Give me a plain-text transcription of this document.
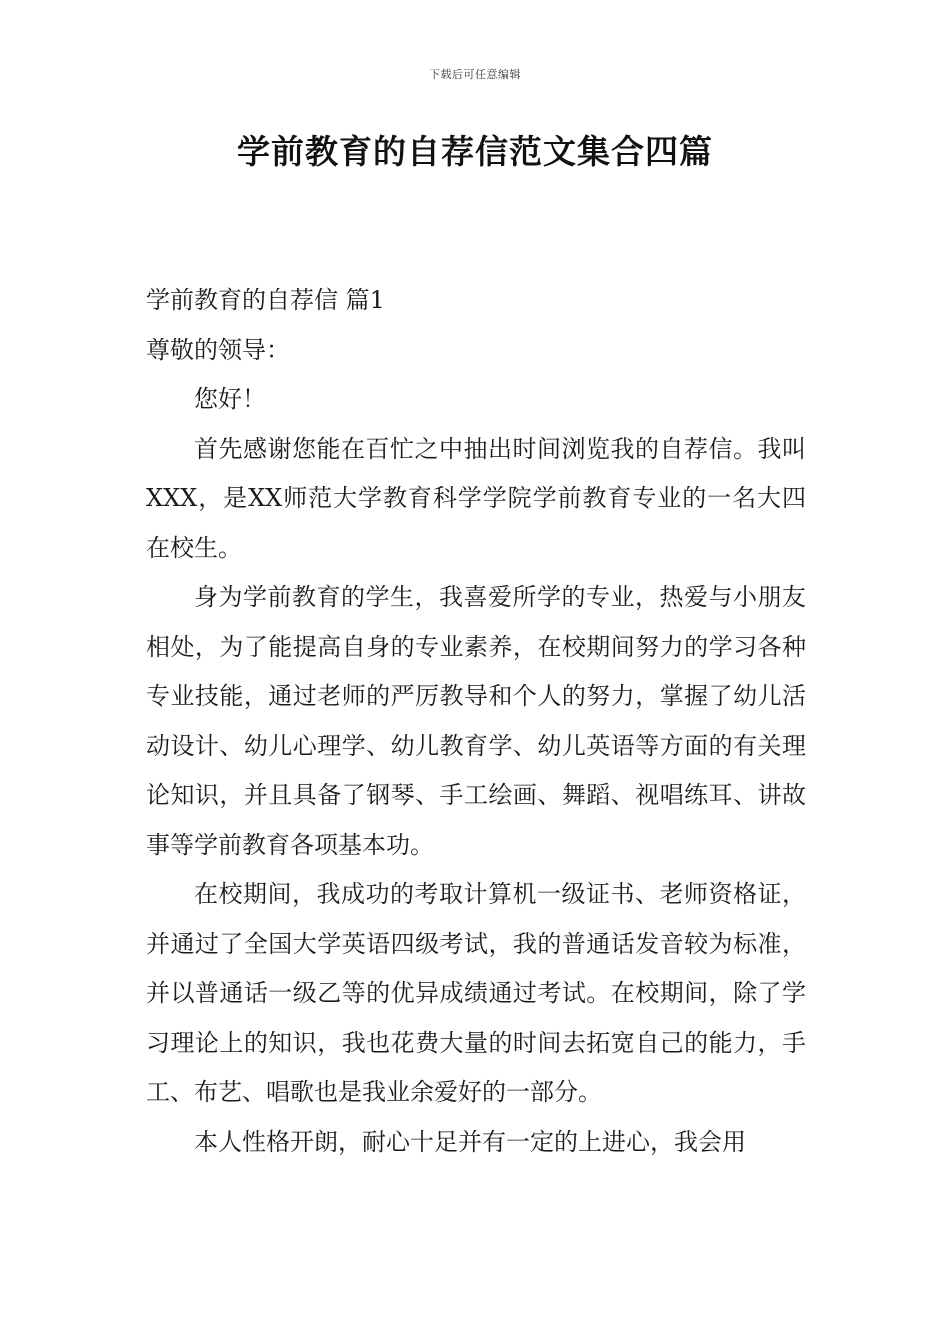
下载后可任意编辑
学前教育的自荐信范文集合四篇
学前教育的自荐信 篇1

尊敬的领导：

您好！

首先感谢您能在百忙之中抽出时间浏览我的自荐信。我叫XXX，是XX师范大学教育科学学院学前教育专业的一名大四在校生。

身为学前教育的学生，我喜爱所学的专业，热爱与小朋友相处，为了能提高自身的专业素养，在校期间努力的学习各种专业技能，通过老师的严厉教导和个人的努力，掌握了幼儿活动设计、幼儿心理学、幼儿教育学、幼儿英语等方面的有关理论知识，并且具备了钢琴、手工绘画、舞蹈、视唱练耳、讲故事等学前教育各项基本功。

在校期间，我成功的考取计算机一级证书、老师资格证，并通过了全国大学英语四级考试，我的普通话发音较为标准，并以普通话一级乙等的优异成绩通过考试。在校期间，除了学习理论上的知识，我也花费大量的时间去拓宽自己的能力，手工、布艺、唱歌也是我业余爱好的一部分。

本人性格开朗，耐心十足并有一定的上进心，我会用
